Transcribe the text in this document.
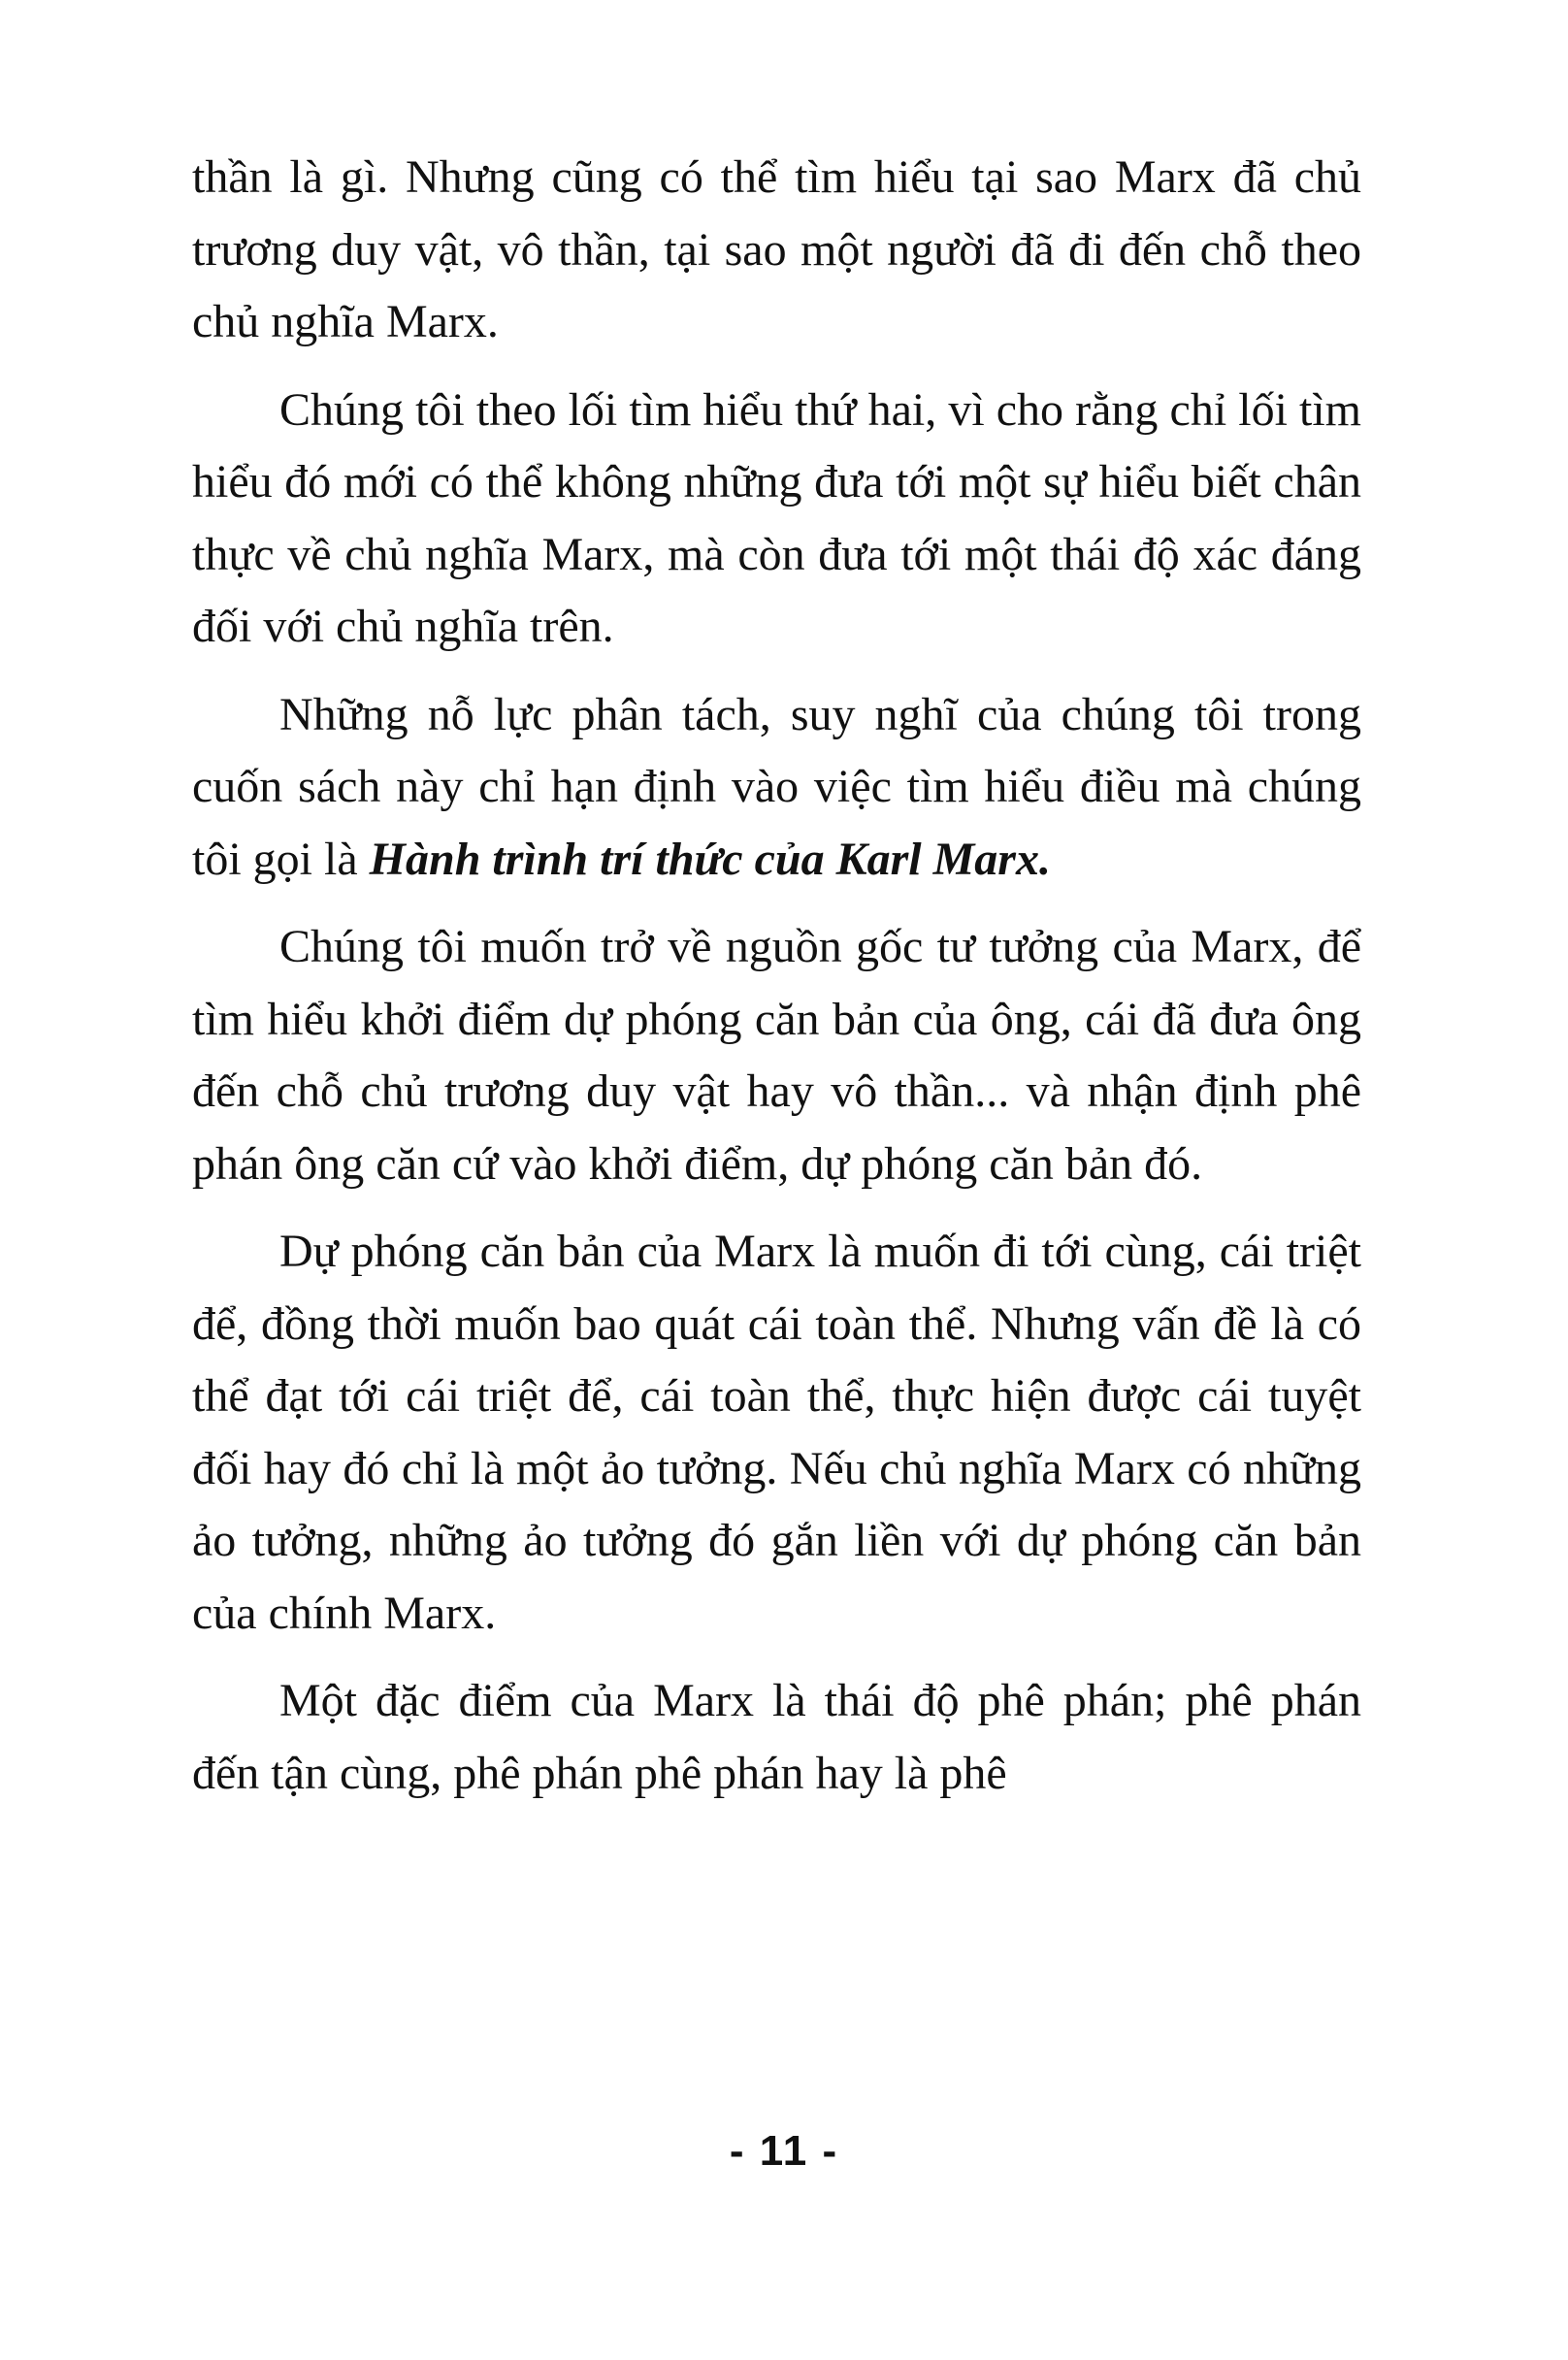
thần là gì. Nhưng cũng có thể tìm hiểu tại sao Marx đã chủ trương duy vật, vô thần, tại sao một người đã đi đến chỗ theo chủ nghĩa Marx.

Chúng tôi theo lối tìm hiểu thứ hai, vì cho rằng chỉ lối tìm hiểu đó mới có thể không những đưa tới một sự hiểu biết chân thực về chủ nghĩa Marx, mà còn đưa tới một thái độ xác đáng đối với chủ nghĩa trên.

Những nỗ lực phân tách, suy nghĩ của chúng tôi trong cuốn sách này chỉ hạn định vào việc tìm hiểu điều mà chúng tôi gọi là Hành trình trí thức của Karl Marx.

Chúng tôi muốn trở về nguồn gốc tư tưởng của Marx, để tìm hiểu khởi điểm dự phóng căn bản của ông, cái đã đưa ông đến chỗ chủ trương duy vật hay vô thần... và nhận định phê phán ông căn cứ vào khởi điểm, dự phóng căn bản đó.

Dự phóng căn bản của Marx là muốn đi tới cùng, cái triệt để, đồng thời muốn bao quát cái toàn thể. Nhưng vấn đề là có thể đạt tới cái triệt để, cái toàn thể, thực hiện được cái tuyệt đối hay đó chỉ là một ảo tưởng. Nếu chủ nghĩa Marx có những ảo tưởng, những ảo tưởng đó gắn liền với dự phóng căn bản của chính Marx.

Một đặc điểm của Marx là thái độ phê phán; phê phán đến tận cùng, phê phán phê phán hay là phê

- 11 -
